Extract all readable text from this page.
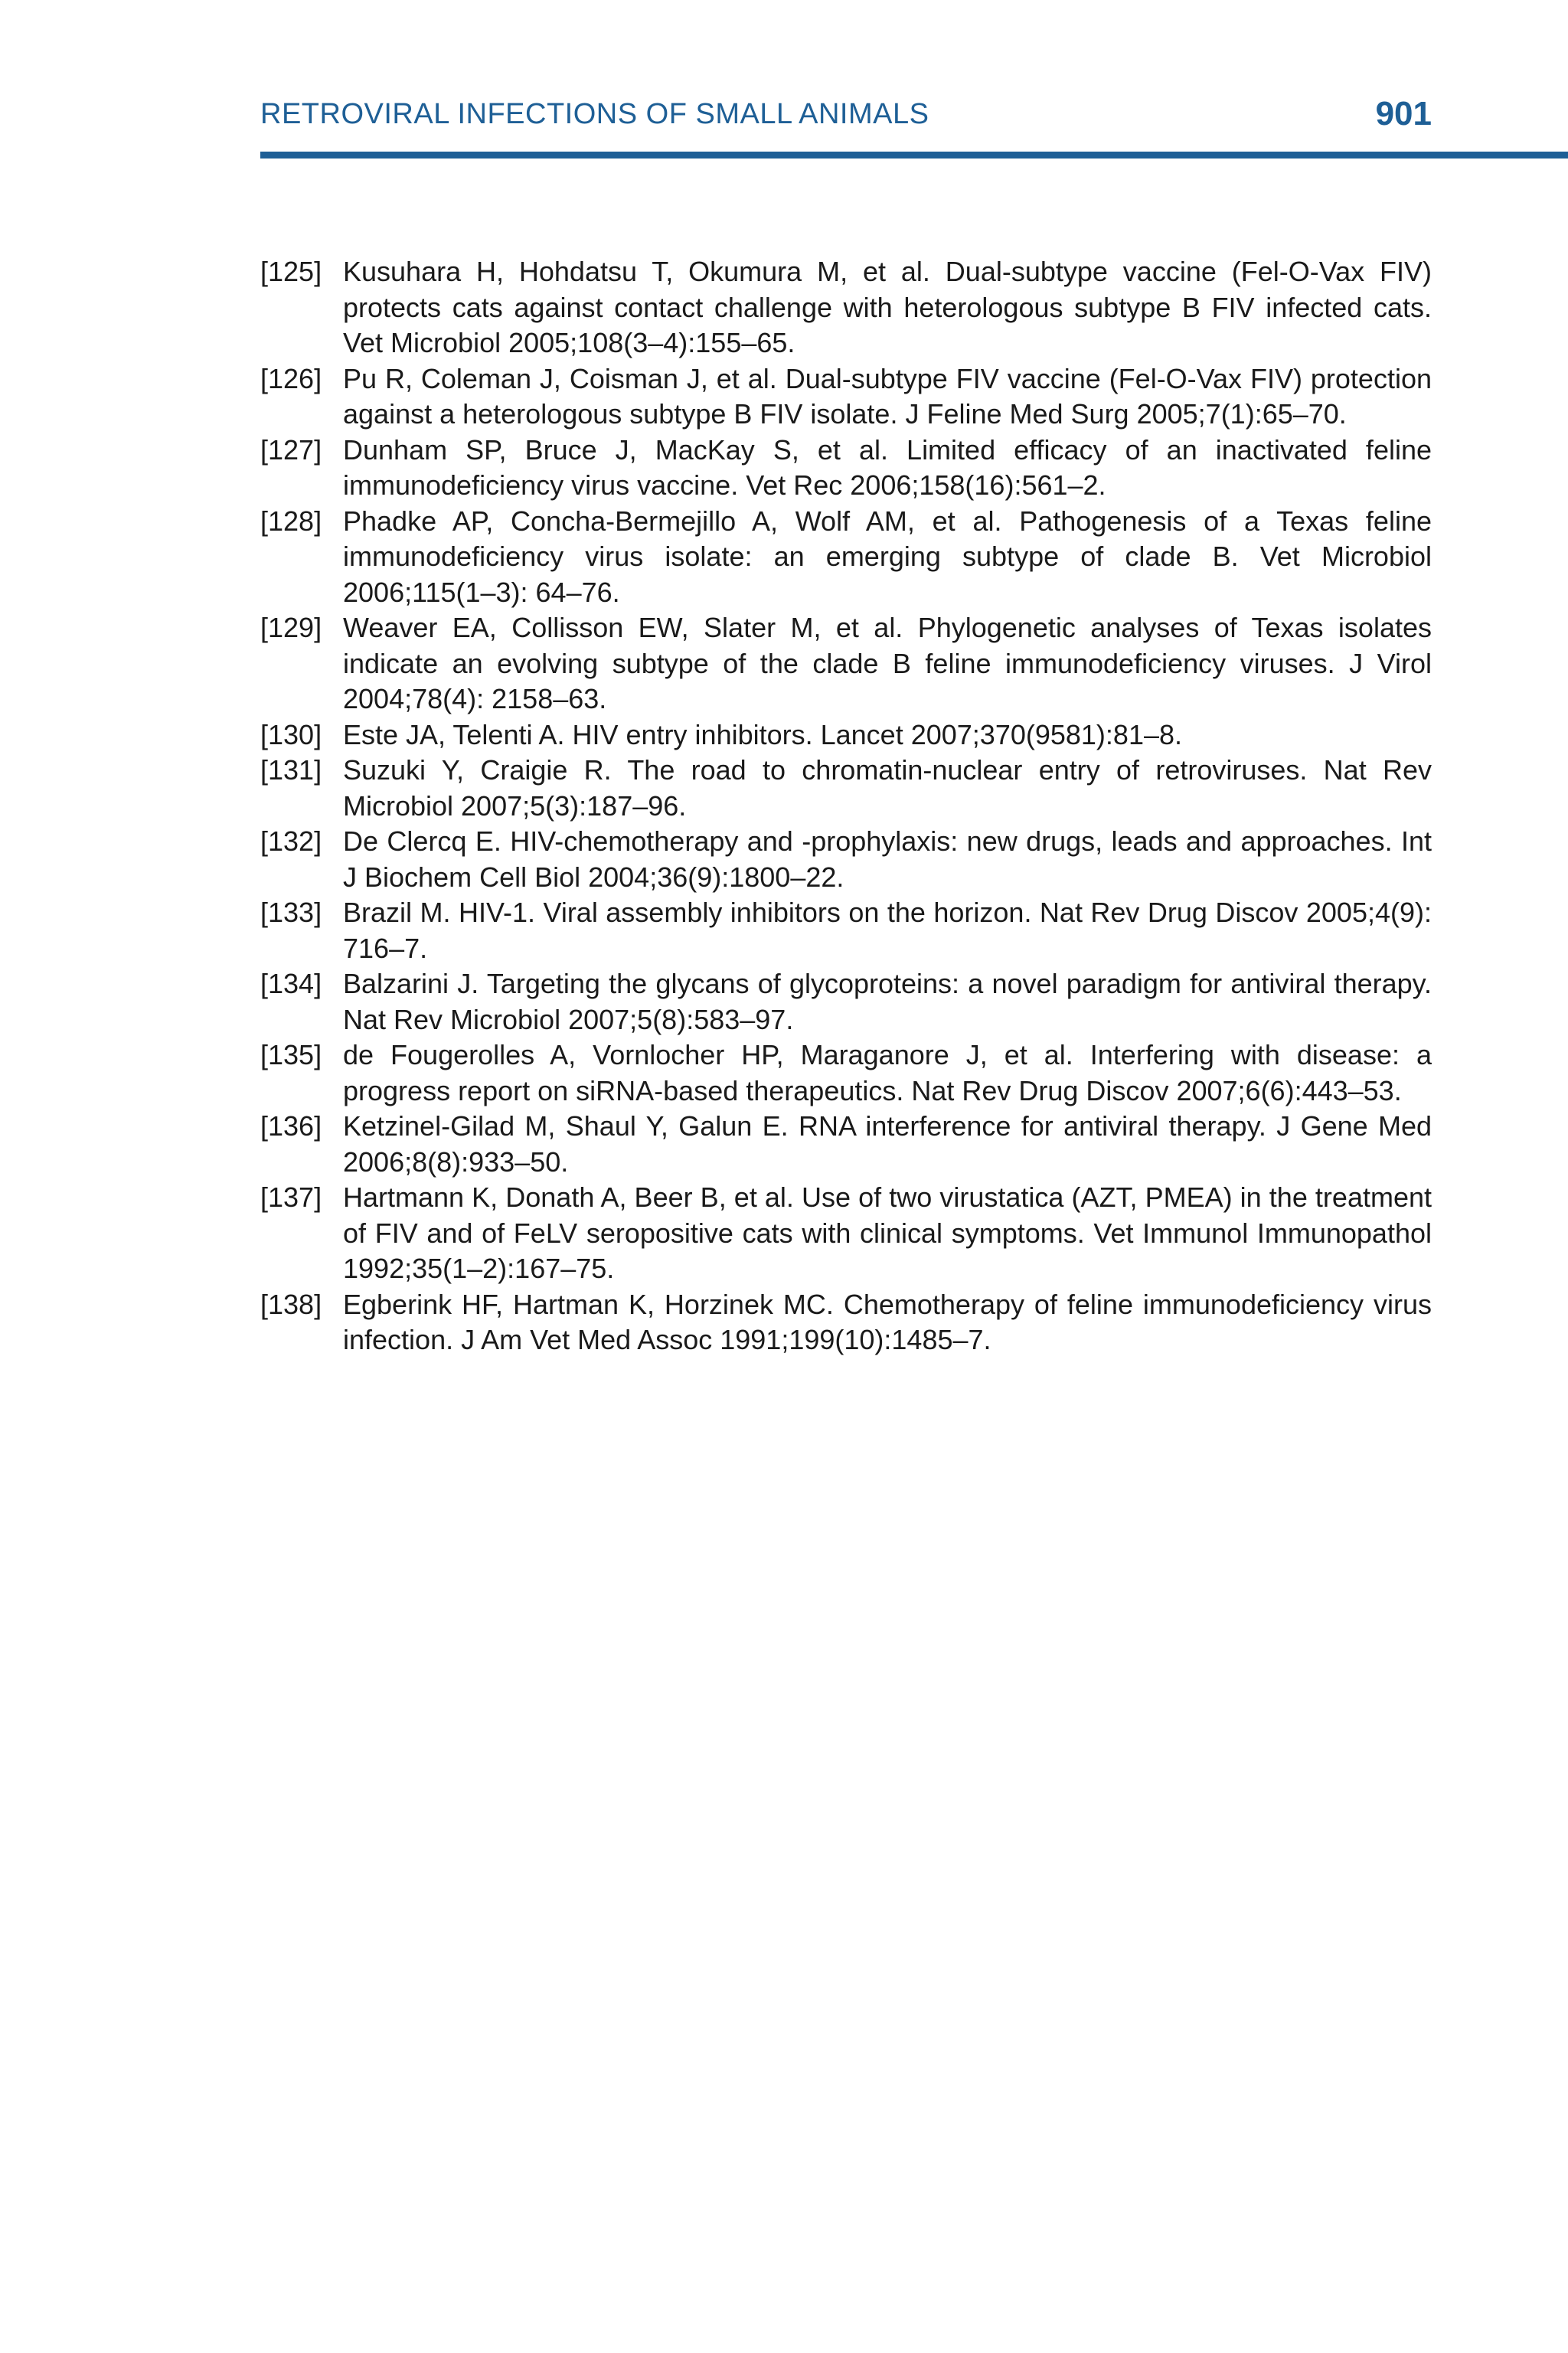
RETROVIRAL INFECTIONS OF SMALL ANIMALS	901
[125] Kusuhara H, Hohdatsu T, Okumura M, et al. Dual-subtype vaccine (Fel-O-Vax FIV) protects cats against contact challenge with heterologous subtype B FIV infected cats. Vet Microbiol 2005;108(3–4):155–65.
[126] Pu R, Coleman J, Coisman J, et al. Dual-subtype FIV vaccine (Fel-O-Vax FIV) protection against a heterologous subtype B FIV isolate. J Feline Med Surg 2005;7(1):65–70.
[127] Dunham SP, Bruce J, MacKay S, et al. Limited efficacy of an inactivated feline immunodeficiency virus vaccine. Vet Rec 2006;158(16):561–2.
[128] Phadke AP, Concha-Bermejillo A, Wolf AM, et al. Pathogenesis of a Texas feline immunodeficiency virus isolate: an emerging subtype of clade B. Vet Microbiol 2006;115(1–3): 64–76.
[129] Weaver EA, Collisson EW, Slater M, et al. Phylogenetic analyses of Texas isolates indicate an evolving subtype of the clade B feline immunodeficiency viruses. J Virol 2004;78(4): 2158–63.
[130] Este JA, Telenti A. HIV entry inhibitors. Lancet 2007;370(9581):81–8.
[131] Suzuki Y, Craigie R. The road to chromatin-nuclear entry of retroviruses. Nat Rev Microbiol 2007;5(3):187–96.
[132] De Clercq E. HIV-chemotherapy and -prophylaxis: new drugs, leads and approaches. Int J Biochem Cell Biol 2004;36(9):1800–22.
[133] Brazil M. HIV-1. Viral assembly inhibitors on the horizon. Nat Rev Drug Discov 2005;4(9): 716–7.
[134] Balzarini J. Targeting the glycans of glycoproteins: a novel paradigm for antiviral therapy. Nat Rev Microbiol 2007;5(8):583–97.
[135] de Fougerolles A, Vornlocher HP, Maraganore J, et al. Interfering with disease: a progress report on siRNA-based therapeutics. Nat Rev Drug Discov 2007;6(6):443–53.
[136] Ketzinel-Gilad M, Shaul Y, Galun E. RNA interference for antiviral therapy. J Gene Med 2006;8(8):933–50.
[137] Hartmann K, Donath A, Beer B, et al. Use of two virustatica (AZT, PMEA) in the treatment of FIV and of FeLV seropositive cats with clinical symptoms. Vet Immunol Immunopathol 1992;35(1–2):167–75.
[138] Egberink HF, Hartman K, Horzinek MC. Chemotherapy of feline immunodeficiency virus infection. J Am Vet Med Assoc 1991;199(10):1485–7.
